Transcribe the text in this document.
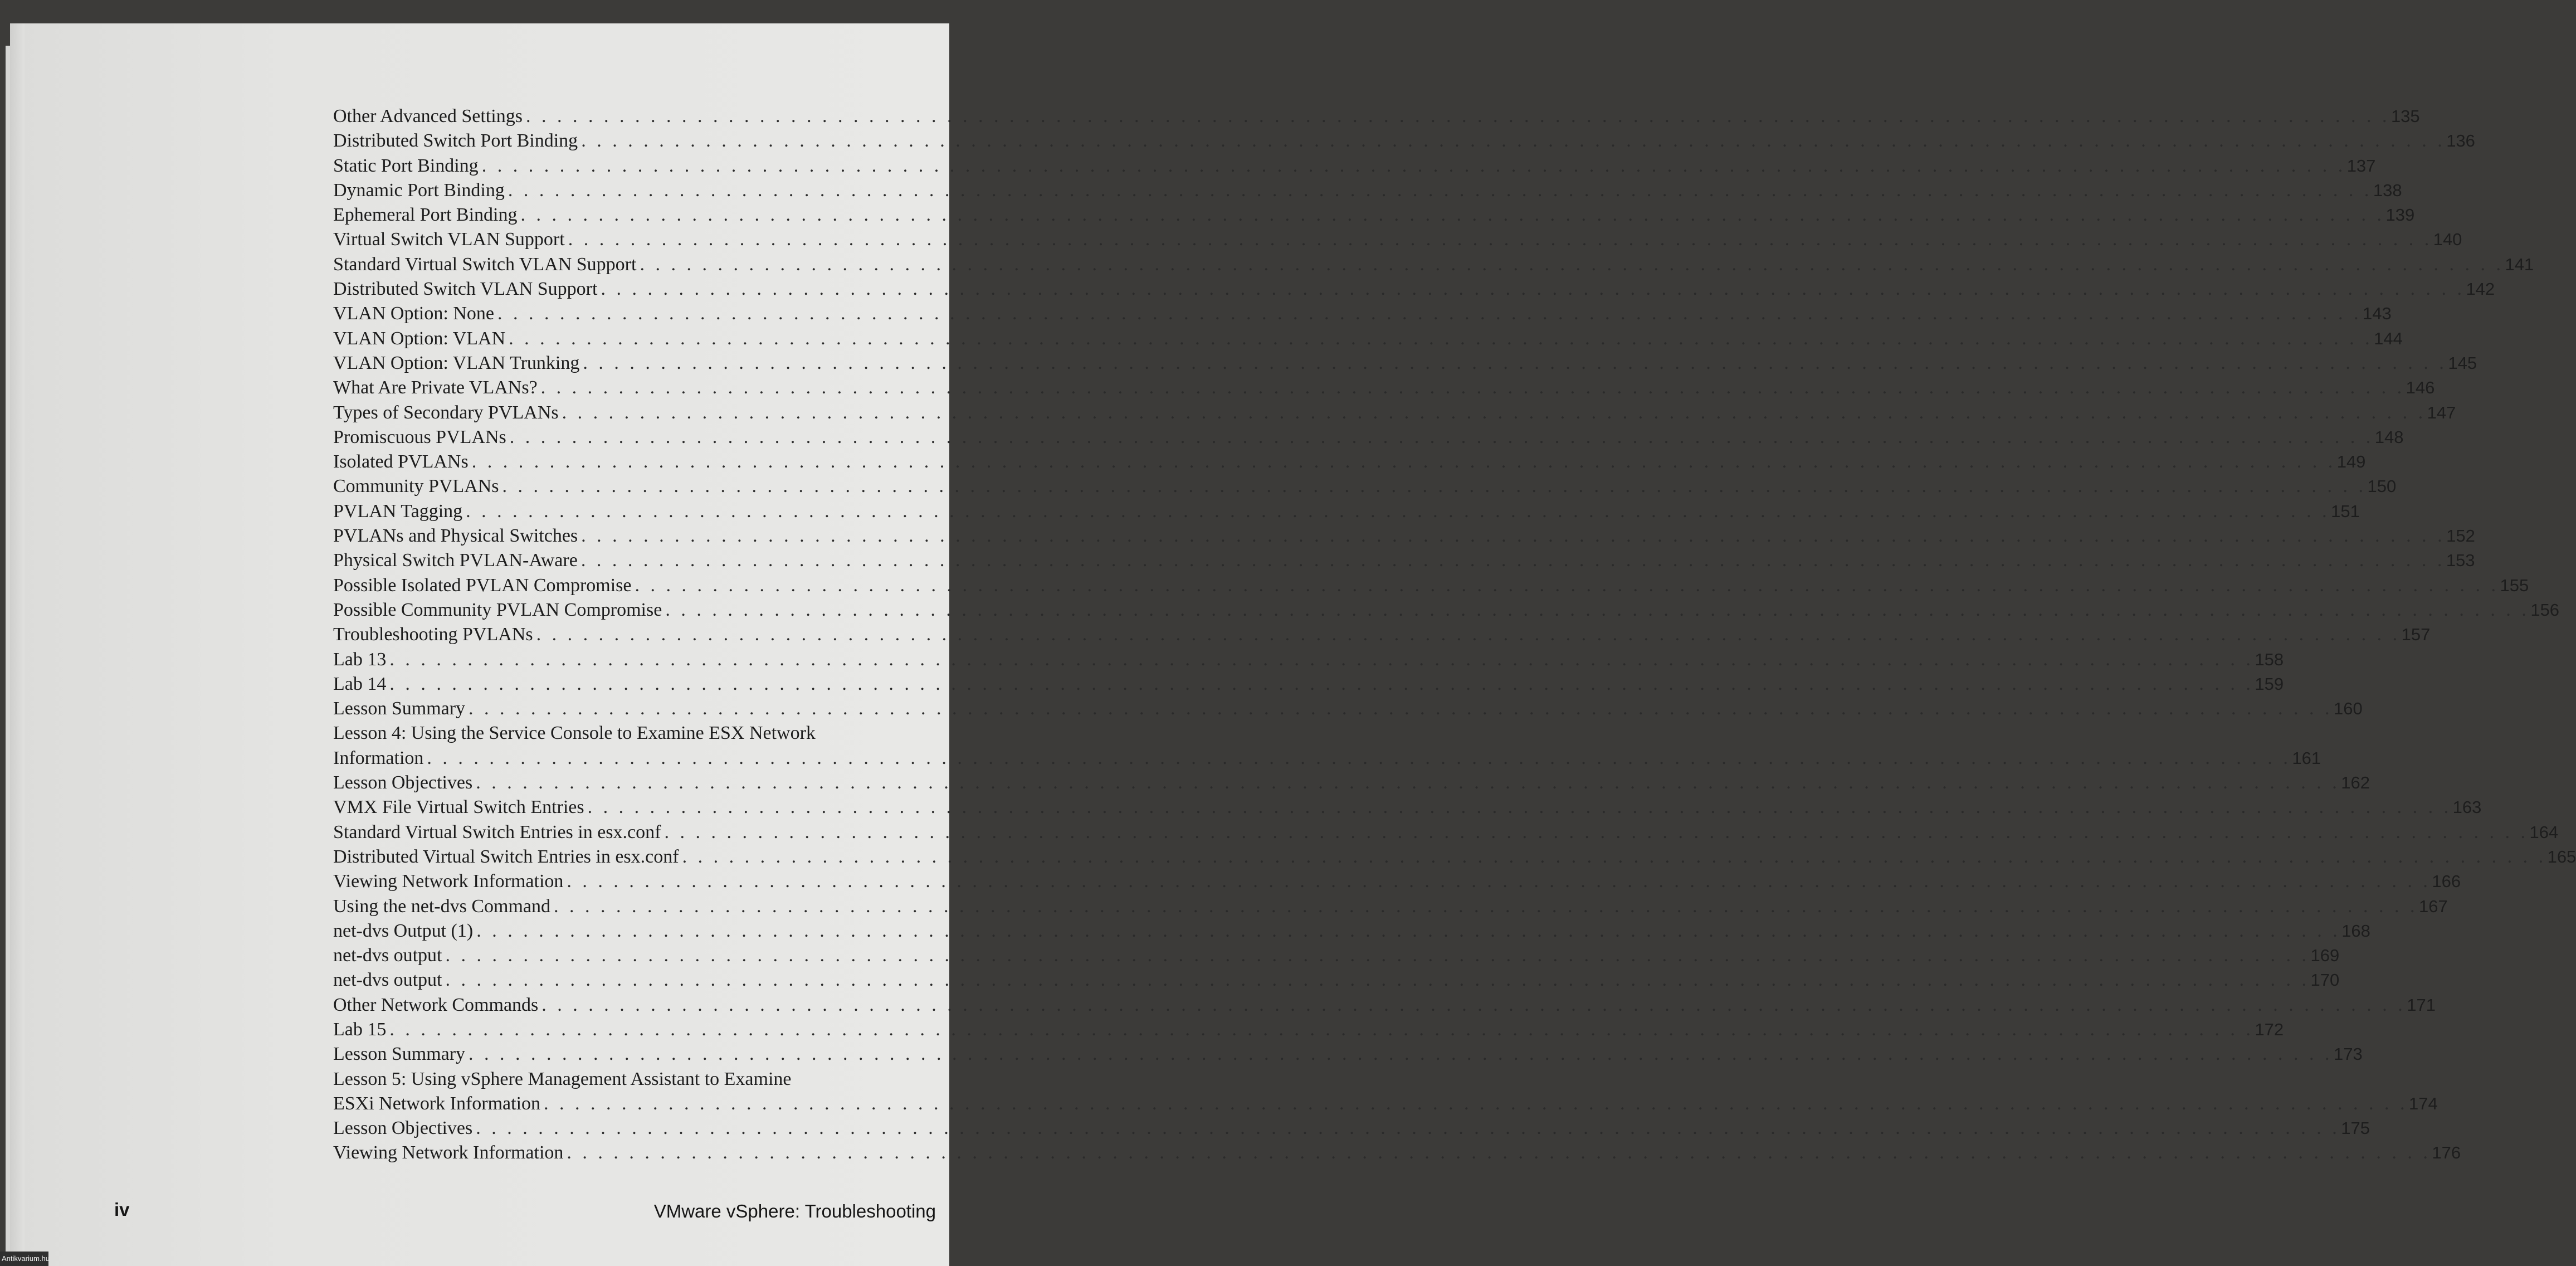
Other Advanced Settings . . . . . . . . . . . . . . . . . . . . . . . . . . . . . . . . . . . . . . . . . . . . . . . . . . . . . . . . . . . . . . . . . . . . . . . . . . . . . . . . . . . . . . . . . . . . . . . . . . . . . . . . . . . . . . . . . . . . . . . . 135
Distributed Switch Port Binding . . . . . . . . . . . . . . . . . . . . . . . . . . . . . . . . . . . . . . . . . . . . . . . . . . . . . . . . . . . . . . . . . . . . . . . . . . . . . . . . . . . . . . . . . . . . . . . . . . . . . . . . . . . . . . . . . . . . . . . . 136
Static Port Binding . . . . . . . . . . . . . . . . . . . . . . . . . . . . . . . . . . . . . . . . . . . . . . . . . . . . . . . . . . . . . . . . . . . . . . . . . . . . . . . . . . . . . . . . . . . . . . . . . . . . . . . . . . . . . . . . . . . . . . . . 137
Dynamic Port Binding . . . . . . . . . . . . . . . . . . . . . . . . . . . . . . . . . . . . . . . . . . . . . . . . . . . . . . . . . . . . . . . . . . . . . . . . . . . . . . . . . . . . . . . . . . . . . . . . . . . . . . . . . . . . . . . . . . . . . . . . 138
Ephemeral Port Binding . . . . . . . . . . . . . . . . . . . . . . . . . . . . . . . . . . . . . . . . . . . . . . . . . . . . . . . . . . . . . . . . . . . . . . . . . . . . . . . . . . . . . . . . . . . . . . . . . . . . . . . . . . . . . . . . . . . . . . . . 139
Virtual Switch VLAN Support . . . . . . . . . . . . . . . . . . . . . . . . . . . . . . . . . . . . . . . . . . . . . . . . . . . . . . . . . . . . . . . . . . . . . . . . . . . . . . . . . . . . . . . . . . . . . . . . . . . . . . . . . . . . . . . . . . . . . . . . 140
Standard Virtual Switch VLAN Support . . . . . . . . . . . . . . . . . . . . . . . . . . . . . . . . . . . . . . . . . . . . . . . . . . . . . . . . . . . . . . . . . . . . . . . . . . . . . . . . . . . . . . . . . . . . . . . . . . . . . . . . . . . . . . . . . . . . . . . . 141
Distributed Switch VLAN Support . . . . . . . . . . . . . . . . . . . . . . . . . . . . . . . . . . . . . . . . . . . . . . . . . . . . . . . . . . . . . . . . . . . . . . . . . . . . . . . . . . . . . . . . . . . . . . . . . . . . . . . . . . . . . . . . . . . . . . . . 142
VLAN Option: None . . . . . . . . . . . . . . . . . . . . . . . . . . . . . . . . . . . . . . . . . . . . . . . . . . . . . . . . . . . . . . . . . . . . . . . . . . . . . . . . . . . . . . . . . . . . . . . . . . . . . . . . . . . . . . . . . . . . . . . . 143
VLAN Option: VLAN . . . . . . . . . . . . . . . . . . . . . . . . . . . . . . . . . . . . . . . . . . . . . . . . . . . . . . . . . . . . . . . . . . . . . . . . . . . . . . . . . . . . . . . . . . . . . . . . . . . . . . . . . . . . . . . . . . . . . . . . 144
VLAN Option: VLAN Trunking . . . . . . . . . . . . . . . . . . . . . . . . . . . . . . . . . . . . . . . . . . . . . . . . . . . . . . . . . . . . . . . . . . . . . . . . . . . . . . . . . . . . . . . . . . . . . . . . . . . . . . . . . . . . . . . . . . . . . . . . 145
What Are Private VLANs? . . . . . . . . . . . . . . . . . . . . . . . . . . . . . . . . . . . . . . . . . . . . . . . . . . . . . . . . . . . . . . . . . . . . . . . . . . . . . . . . . . . . . . . . . . . . . . . . . . . . . . . . . . . . . . . . . . . . . . . . 146
Types of Secondary PVLANs . . . . . . . . . . . . . . . . . . . . . . . . . . . . . . . . . . . . . . . . . . . . . . . . . . . . . . . . . . . . . . . . . . . . . . . . . . . . . . . . . . . . . . . . . . . . . . . . . . . . . . . . . . . . . . . . . . . . . . . . 147
Promiscuous PVLANs . . . . . . . . . . . . . . . . . . . . . . . . . . . . . . . . . . . . . . . . . . . . . . . . . . . . . . . . . . . . . . . . . . . . . . . . . . . . . . . . . . . . . . . . . . . . . . . . . . . . . . . . . . . . . . . . . . . . . . . . 148
Isolated PVLANs . . . . . . . . . . . . . . . . . . . . . . . . . . . . . . . . . . . . . . . . . . . . . . . . . . . . . . . . . . . . . . . . . . . . . . . . . . . . . . . . . . . . . . . . . . . . . . . . . . . . . . . . . . . . . . . . . . . . . . . . 149
Community PVLANs . . . . . . . . . . . . . . . . . . . . . . . . . . . . . . . . . . . . . . . . . . . . . . . . . . . . . . . . . . . . . . . . . . . . . . . . . . . . . . . . . . . . . . . . . . . . . . . . . . . . . . . . . . . . . . . . . . . . . . . . 150
PVLAN Tagging . . . . . . . . . . . . . . . . . . . . . . . . . . . . . . . . . . . . . . . . . . . . . . . . . . . . . . . . . . . . . . . . . . . . . . . . . . . . . . . . . . . . . . . . . . . . . . . . . . . . . . . . . . . . . . . . . . . . . . . . 151
PVLANs and Physical Switches . . . . . . . . . . . . . . . . . . . . . . . . . . . . . . . . . . . . . . . . . . . . . . . . . . . . . . . . . . . . . . . . . . . . . . . . . . . . . . . . . . . . . . . . . . . . . . . . . . . . . . . . . . . . . . . . . . . . . . . . 152
Physical Switch PVLAN-Aware . . . . . . . . . . . . . . . . . . . . . . . . . . . . . . . . . . . . . . . . . . . . . . . . . . . . . . . . . . . . . . . . . . . . . . . . . . . . . . . . . . . . . . . . . . . . . . . . . . . . . . . . . . . . . . . . . . . . . . . . 153
Possible Isolated PVLAN Compromise . . . . . . . . . . . . . . . . . . . . . . . . . . . . . . . . . . . . . . . . . . . . . . . . . . . . . . . . . . . . . . . . . . . . . . . . . . . . . . . . . . . . . . . . . . . . . . . . . . . . . . . . . . . . . . . . . . . . . . . . 155
Possible Community PVLAN Compromise . . . . . . . . . . . . . . . . . . . . . . . . . . . . . . . . . . . . . . . . . . . . . . . . . . . . . . . . . . . . . . . . . . . . . . . . . . . . . . . . . . . . . . . . . . . . . . . . . . . . . . . . . . . . . . . . . . . . . . . . 156
Troubleshooting PVLANs . . . . . . . . . . . . . . . . . . . . . . . . . . . . . . . . . . . . . . . . . . . . . . . . . . . . . . . . . . . . . . . . . . . . . . . . . . . . . . . . . . . . . . . . . . . . . . . . . . . . . . . . . . . . . . . . . . . . . . . . 157
Lab 13 . . . . . . . . . . . . . . . . . . . . . . . . . . . . . . . . . . . . . . . . . . . . . . . . . . . . . . . . . . . . . . . . . . . . . . . . . . . . . . . . . . . . . . . . . . . . . . . . . . . . . . . . . . . . . . . . . . . . . . . . 158
Lab 14 . . . . . . . . . . . . . . . . . . . . . . . . . . . . . . . . . . . . . . . . . . . . . . . . . . . . . . . . . . . . . . . . . . . . . . . . . . . . . . . . . . . . . . . . . . . . . . . . . . . . . . . . . . . . . . . . . . . . . . . . 159
Lesson Summary . . . . . . . . . . . . . . . . . . . . . . . . . . . . . . . . . . . . . . . . . . . . . . . . . . . . . . . . . . . . . . . . . . . . . . . . . . . . . . . . . . . . . . . . . . . . . . . . . . . . . . . . . . . . . . . . . . . . . . . . 160
Lesson 4: Using the Service Console to Examine ESX Network
Information . . . . . . . . . . . . . . . . . . . . . . . . . . . . . . . . . . . . . . . . . . . . . . . . . . . . . . . . . . . . . . . . . . . . . . . . . . . . . . . . . . . . . . . . . . . . . . . . . . . . . . . . . . . . . . . . . . . . . . . . 161
Lesson Objectives . . . . . . . . . . . . . . . . . . . . . . . . . . . . . . . . . . . . . . . . . . . . . . . . . . . . . . . . . . . . . . . . . . . . . . . . . . . . . . . . . . . . . . . . . . . . . . . . . . . . . . . . . . . . . . . . . . . . . . . . 162
VMX File Virtual Switch Entries . . . . . . . . . . . . . . . . . . . . . . . . . . . . . . . . . . . . . . . . . . . . . . . . . . . . . . . . . . . . . . . . . . . . . . . . . . . . . . . . . . . . . . . . . . . . . . . . . . . . . . . . . . . . . . . . . . . . . . . . 163
Standard Virtual Switch Entries in esx.conf . . . . . . . . . . . . . . . . . . . . . . . . . . . . . . . . . . . . . . . . . . . . . . . . . . . . . . . . . . . . . . . . . . . . . . . . . . . . . . . . . . . . . . . . . . . . . . . . . . . . . . . . . . . . . . . . . . . . . . . . 164
Distributed Virtual Switch Entries in esx.conf . . . . . . . . . . . . . . . . . . . . . . . . . . . . . . . . . . . . . . . . . . . . . . . . . . . . . . . . . . . . . . . . . . . . . . . . . . . . . . . . . . . . . . . . . . . . . . . . . . . . . . . . . . . . . . . . . . . . . . . . 165
Viewing Network Information . . . . . . . . . . . . . . . . . . . . . . . . . . . . . . . . . . . . . . . . . . . . . . . . . . . . . . . . . . . . . . . . . . . . . . . . . . . . . . . . . . . . . . . . . . . . . . . . . . . . . . . . . . . . . . . . . . . . . . . . 166
Using the net-dvs Command . . . . . . . . . . . . . . . . . . . . . . . . . . . . . . . . . . . . . . . . . . . . . . . . . . . . . . . . . . . . . . . . . . . . . . . . . . . . . . . . . . . . . . . . . . . . . . . . . . . . . . . . . . . . . . . . . . . . . . . . 167
net-dvs Output (1) . . . . . . . . . . . . . . . . . . . . . . . . . . . . . . . . . . . . . . . . . . . . . . . . . . . . . . . . . . . . . . . . . . . . . . . . . . . . . . . . . . . . . . . . . . . . . . . . . . . . . . . . . . . . . . . . . . . . . . . . 168
net-dvs output . . . . . . . . . . . . . . . . . . . . . . . . . . . . . . . . . . . . . . . . . . . . . . . . . . . . . . . . . . . . . . . . . . . . . . . . . . . . . . . . . . . . . . . . . . . . . . . . . . . . . . . . . . . . . . . . . . . . . . . . 169
net-dvs output . . . . . . . . . . . . . . . . . . . . . . . . . . . . . . . . . . . . . . . . . . . . . . . . . . . . . . . . . . . . . . . . . . . . . . . . . . . . . . . . . . . . . . . . . . . . . . . . . . . . . . . . . . . . . . . . . . . . . . . . 170
Other Network Commands . . . . . . . . . . . . . . . . . . . . . . . . . . . . . . . . . . . . . . . . . . . . . . . . . . . . . . . . . . . . . . . . . . . . . . . . . . . . . . . . . . . . . . . . . . . . . . . . . . . . . . . . . . . . . . . . . . . . . . . . 171
Lab 15 . . . . . . . . . . . . . . . . . . . . . . . . . . . . . . . . . . . . . . . . . . . . . . . . . . . . . . . . . . . . . . . . . . . . . . . . . . . . . . . . . . . . . . . . . . . . . . . . . . . . . . . . . . . . . . . . . . . . . . . . 172
Lesson Summary . . . . . . . . . . . . . . . . . . . . . . . . . . . . . . . . . . . . . . . . . . . . . . . . . . . . . . . . . . . . . . . . . . . . . . . . . . . . . . . . . . . . . . . . . . . . . . . . . . . . . . . . . . . . . . . . . . . . . . . . 173
Lesson 5: Using vSphere Management Assistant to Examine
ESXi Network Information . . . . . . . . . . . . . . . . . . . . . . . . . . . . . . . . . . . . . . . . . . . . . . . . . . . . . . . . . . . . . . . . . . . . . . . . . . . . . . . . . . . . . . . . . . . . . . . . . . . . . . . . . . . . . . . . . . . . . . . . 174
Lesson Objectives . . . . . . . . . . . . . . . . . . . . . . . . . . . . . . . . . . . . . . . . . . . . . . . . . . . . . . . . . . . . . . . . . . . . . . . . . . . . . . . . . . . . . . . . . . . . . . . . . . . . . . . . . . . . . . . . . . . . . . . . 175
Viewing Network Information . . . . . . . . . . . . . . . . . . . . . . . . . . . . . . . . . . . . . . . . . . . . . . . . . . . . . . . . . . . . . . . . . . . . . . . . . . . . . . . . . . . . . . . . . . . . . . . . . . . . . . . . . . . . . . . . . . . . . . . . 176
iv	VMware vSphere: Troubleshooting
Antikvarium.hu
